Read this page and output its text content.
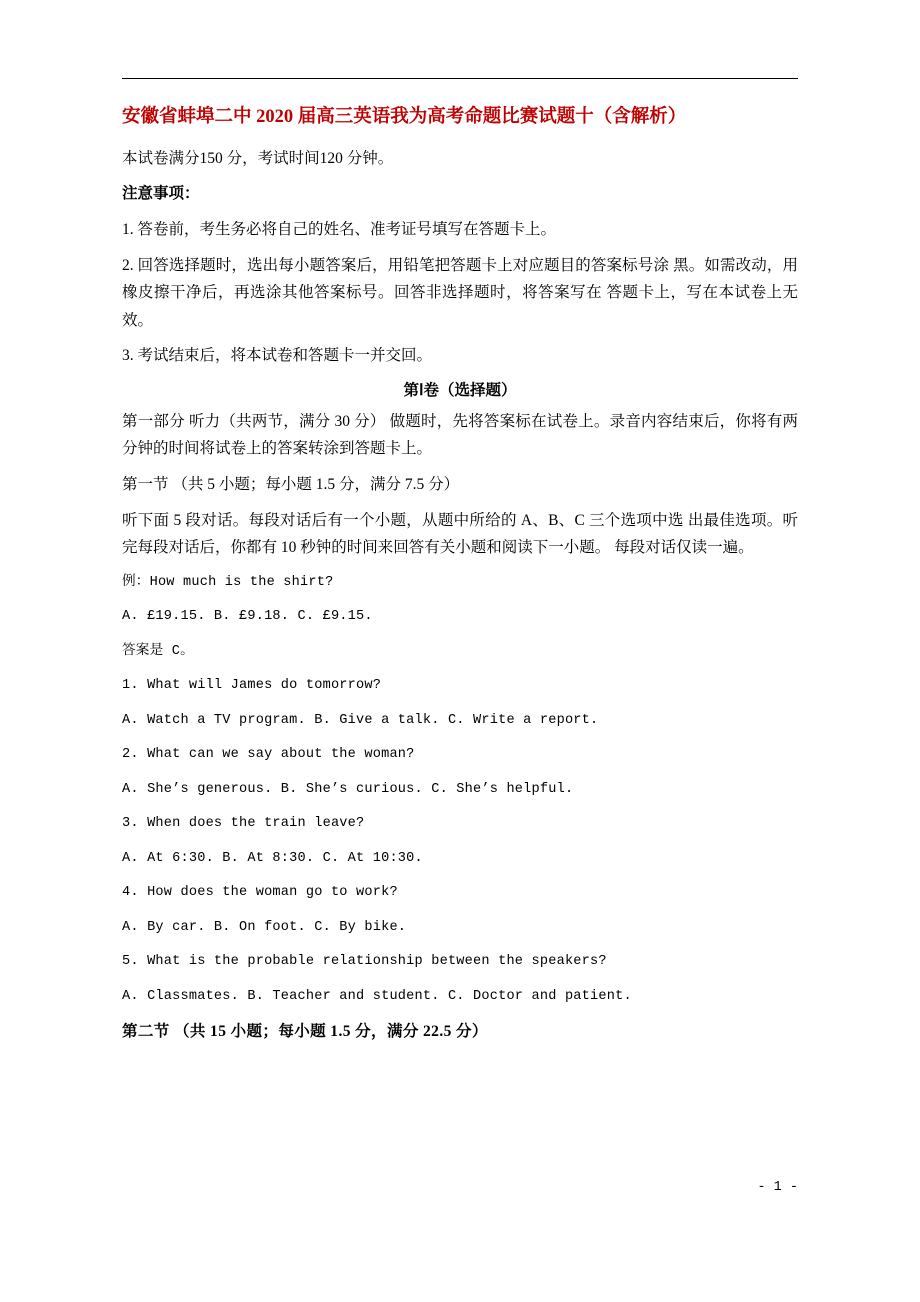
安徽省蚌埠二中 2020 届高三英语我为高考命题比赛试题十（含解析）

本试卷满分150 分，考试时间120 分钟。

注意事项：

1. 答卷前，考生务必将自己的姓名、准考证号填写在答题卡上。

2. 回答选择题时，选出每小题答案后，用铅笔把答题卡上对应题目的答案标号涂 黑。如需改动，用橡皮擦干净后，再选涂其他答案标号。回答非选择题时，将答案写在 答题卡上，写在本试卷上无效。

3. 考试结束后，将本试卷和答题卡一并交回。

第Ⅰ卷（选择题）

第一部分 听力（共两节，满分 30 分） 做题时，先将答案标在试卷上。录音内容结束后，你将有两分钟的时间将试卷上的答案转涂到答题卡上。

第一节 （共 5 小题；每小题 1.5 分，满分 7.5 分）

听下面 5 段对话。每段对话后有一个小题，从题中所给的 A、B、C 三个选项中选 出最佳选项。听完每段对话后，你都有 10 秒钟的时间来回答有关小题和阅读下一小题。 每段对话仅读一遍。

例：How much is the shirt?

A. £19.15. B. £9.18. C. £9.15.

答案是 C。

1. What will James do tomorrow?

A. Watch a TV program. B. Give a talk. C. Write a report.

2. What can we say about the woman?

A. She’s generous. B. She’s curious. C. She’s helpful.

3. When does the train leave?

A. At 6:30. B. At 8:30. C. At 10:30.

4. How does the woman go to work?

A. By car. B. On foot. C. By bike.

5. What is the probable relationship between the speakers?

A. Classmates. B. Teacher and student. C. Doctor and patient.

第二节 （共 15 小题；每小题 1.5 分，满分 22.5 分）

- 1 -
